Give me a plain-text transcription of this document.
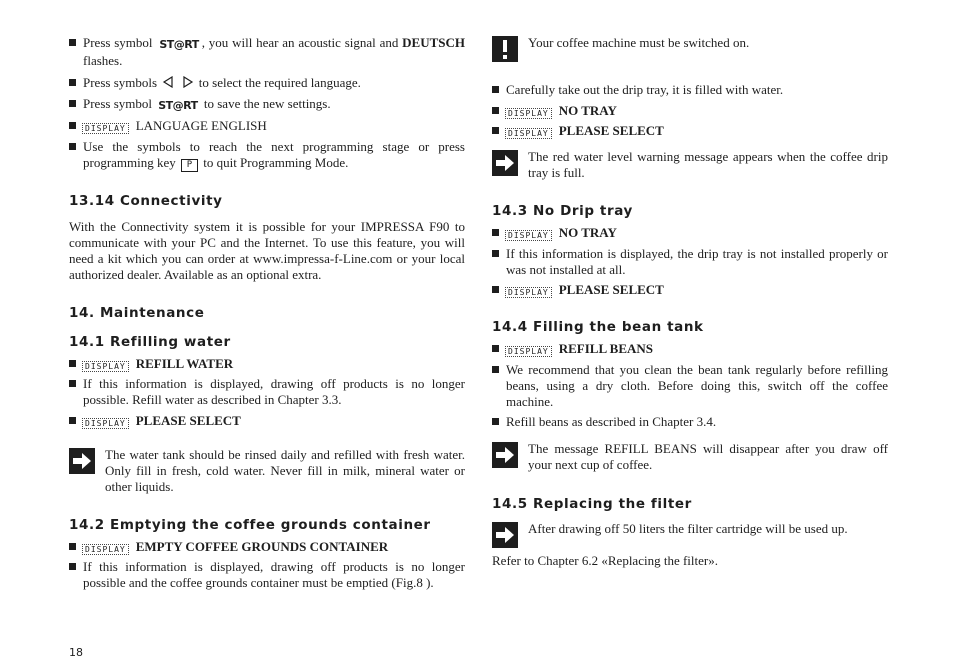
Press symbol ST@RT , you will hear an acoustic signal and DEUTSCH flashes.
Press symbols	to select the required language.
Press symbol ST@RT to save the new settings.
DISPLAY LANGUAGE ENGLISH
Use the symbols to reach the next programming stage or press programming key P to quit Programming Mode.
13.14 Connectivity

With the Connectivity system it is possible for your IMPRESSA F90 to communicate with your PC and the Internet. To use this feature, you will need a kit which you can order at www.impressa-f-Line.com or your local authorized dealer. Available as an optional extra.

14. Maintenance
14.1 Refilling water
DISPLAY REFILL WATER
If this information is displayed, drawing off products is no longer possible. Refill water as described in Chapter 3.3.
DISPLAY PLEASE SELECT
The water tank should be rinsed daily and refilled with fresh water. Only fill in fresh, cold water. Never fill in milk, mineral water or other liquids.
14.2 Emptying the coffee grounds container
DISPLAY EMPTY COFFEE GROUNDS CONTAINER
If this information is displayed, drawing off products is no longer possible and the coffee grounds container must be emptied (Fig.8 ).
Your coffee machine must be switched on.
Carefully take out the drip tray, it is filled with water.
DISPLAY NO TRAY
DISPLAY PLEASE SELECT
The red water level warning message appears when the coffee drip tray is full.
14.3 No Drip tray
DISPLAY NO TRAY
If this information is displayed, the drip tray is not installed properly or was not installed at all.
DISPLAY PLEASE SELECT
14.4 Filling the bean tank
DISPLAY REFILL BEANS
We recommend that you clean the bean tank regularly before refilling beans, using a dry cloth. Before doing this, switch off the coffee machine.
Refill beans as described in Chapter 3.4.
The message REFILL BEANS will disappear after you draw off your next cup of coffee.
14.5 Replacing the filter
After drawing off 50 liters the filter cartridge will be used up.

Refer to Chapter 6.2 «Replacing the filter».

18
